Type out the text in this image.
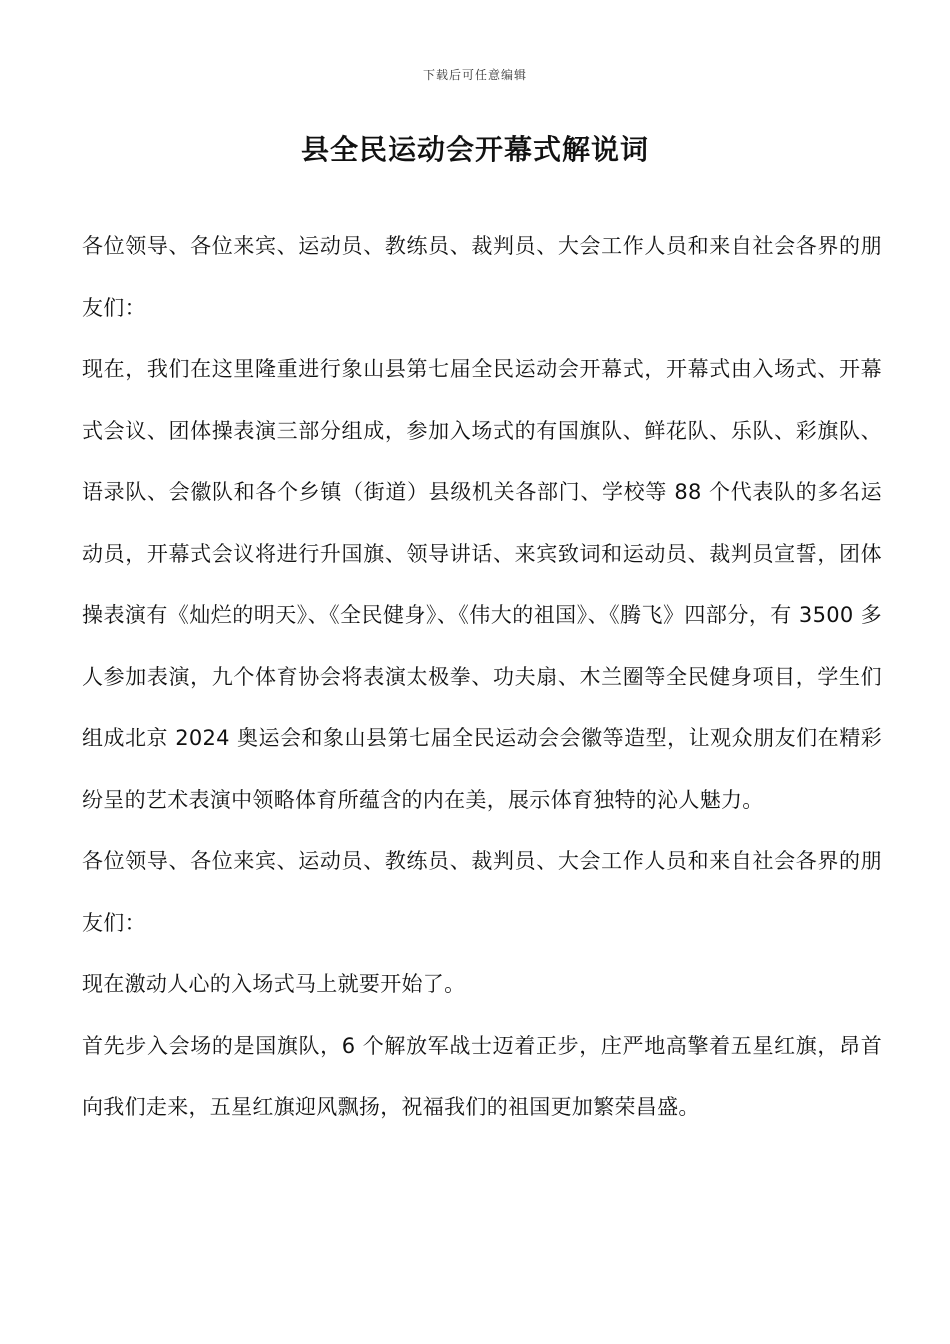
下载后可任意编辑
县全民运动会开幕式解说词

各位领导、各位来宾、运动员、教练员、裁判员、大会工作人员和来自社会各界的朋友们：

现在，我们在这里隆重进行象山县第七届全民运动会开幕式，开幕式由入场式、开幕式会议、团体操表演三部分组成，参加入场式的有国旗队、鲜花队、乐队、彩旗队、语录队、会徽队和各个乡镇（街道）县级机关各部门、学校等 88 个代表队的多名运动员，开幕式会议将进行升国旗、领导讲话、来宾致词和运动员、裁判员宣誓，团体操表演有《灿烂的明天》、《全民健身》、《伟大的祖国》、《腾飞》四部分，有 3500 多人参加表演，九个体育协会将表演太极拳、功夫扇、木兰圈等全民健身项目，学生们组成北京 2024 奥运会和象山县第七届全民运动会会徽等造型，让观众朋友们在精彩纷呈的艺术表演中领略体育所蕴含的内在美，展示体育独特的沁人魅力。

各位领导、各位来宾、运动员、教练员、裁判员、大会工作人员和来自社会各界的朋友们：

现在激动人心的入场式马上就要开始了。

首先步入会场的是国旗队，6 个解放军战士迈着正步，庄严地高擎着五星红旗，昂首向我们走来，五星红旗迎风飘扬，祝福我们的祖国更加繁荣昌盛。
